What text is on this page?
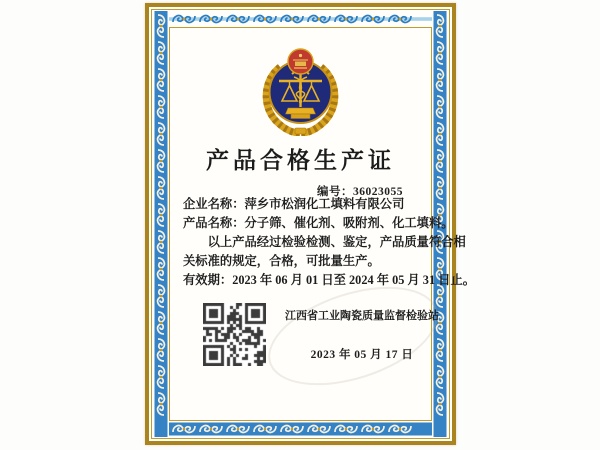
产品合格生产证
编号：36023055

企业名称：萍乡市松润化工填料有限公司

产品名称：分子筛、催化剂、吸附剂、化工填料。

以上产品经过检验检测、鉴定，产品质量符合相

关标准的规定，合格，可批量生产。

有效期：2023 年 06 月 01 日至 2024 年 05 月 31 日止。

江西省工业陶瓷质量监督检验站
2023 年 05 月 17 日
